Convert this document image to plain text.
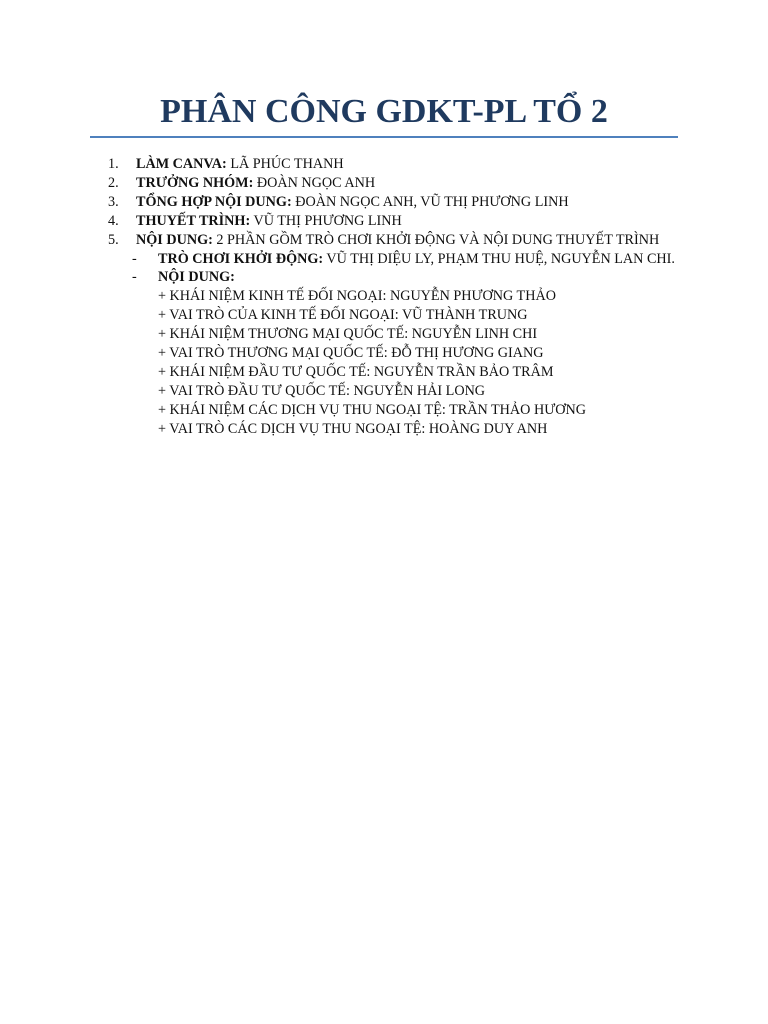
PHÂN CÔNG GDKT-PL TỔ 2
1.	LÀM CANVA: LÃ PHÚC THANH
2.	TRƯỞNG NHÓM: ĐOÀN NGỌC ANH
3.	TỔNG HỢP NỘI DUNG: ĐOÀN NGỌC ANH, VŨ THỊ PHƯƠNG LINH
4.	THUYẾT TRÌNH: VŨ THỊ PHƯƠNG LINH
5.	NỘI DUNG: 2 PHẦN GỒM TRÒ CHƠI KHỞI ĐỘNG VÀ NỘI DUNG THUYẾT TRÌNH
-	TRÒ CHƠI KHỞI ĐỘNG: VŨ THỊ DIỆU LY, PHẠM THU HUỆ, NGUYỄN LAN CHI.
-	NỘI DUNG:
+ KHÁI NIỆM KINH TẾ ĐỐI NGOẠI: NGUYỄN PHƯƠNG THẢO
+ VAI TRÒ CỦA KINH TẾ ĐỐI NGOẠI: VŨ THÀNH TRUNG
+ KHÁI NIỆM THƯƠNG MẠI QUỐC TẾ: NGUYỄN LINH CHI
+ VAI TRÒ THƯƠNG MẠI QUỐC TẾ: ĐỖ THỊ HƯƠNG GIANG
+ KHÁI NIỆM ĐẦU TƯ QUỐC TẾ: NGUYỄN TRẦN BẢO TRÂM
+ VAI TRÒ ĐẦU TƯ QUỐC TẾ: NGUYỄN HẢI LONG
+ KHÁI NIỆM CÁC DỊCH VỤ THU NGOẠI TỆ: TRẦN THẢO HƯƠNG
+ VAI TRÒ CÁC DỊCH VỤ THU NGOẠI TỆ: HOÀNG DUY ANH
